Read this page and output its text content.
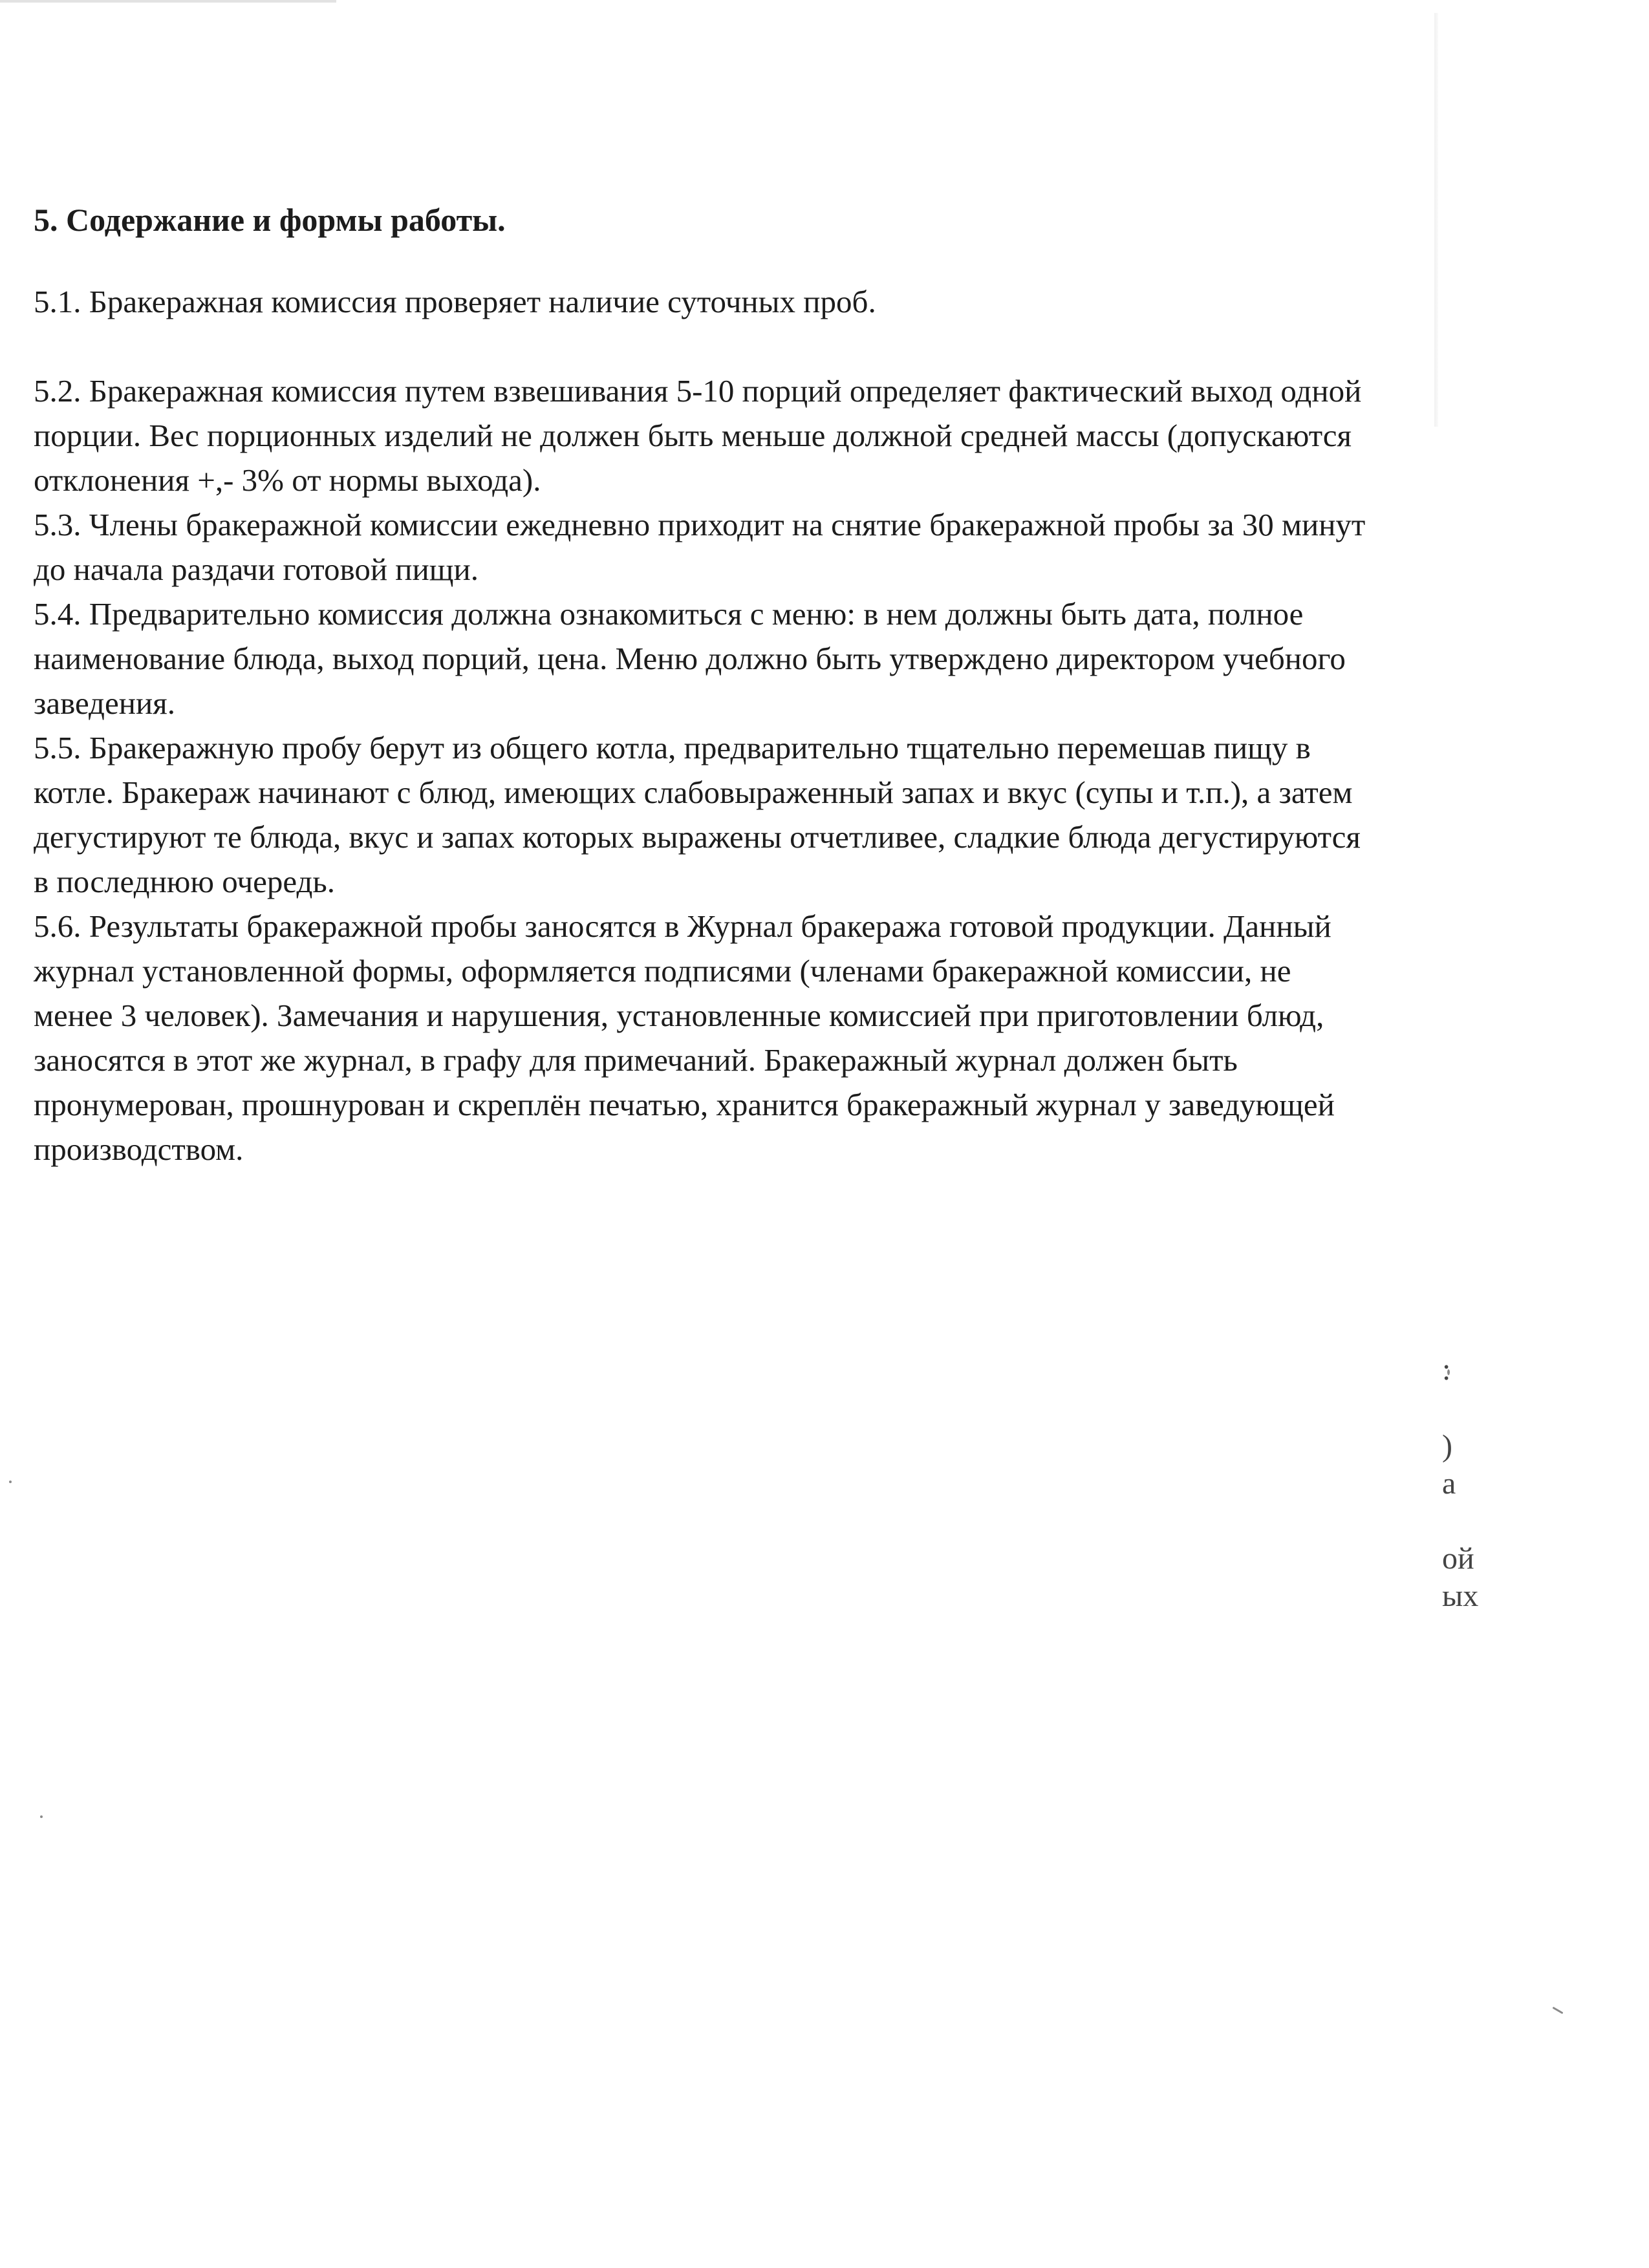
5. Содержание и формы работы.

5.1. Бракеражная комиссия проверяет наличие суточных проб.

5.2. Бракеражная комиссия путем взвешивания 5-10 порций определяет фактический выход одной порции. Вес порционных изделий не должен быть меньше должной средней массы (допускаются отклонения +,- 3% от нормы выхода).

5.3. Члены бракеражной комиссии ежедневно приходит на снятие бракеражной пробы за 30 минут до начала раздачи готовой пищи.

5.4. Предварительно комиссия должна ознакомиться с меню: в нем должны быть дата, полное наименование блюда, выход порций, цена. Меню должно быть утверждено директором учебного заведения.

5.5. Бракеражную пробу берут из общего котла, предварительно тщательно перемешав пищу в котле. Бракераж начинают с блюд, имеющих слабовыраженный запах и вкус (супы и т.п.), а затем дегустируют те блюда, вкус и запах которых выражены отчетливее, сладкие блюда дегустируются в последнюю очередь.

5.6. Результаты бракеражной пробы заносятся в Журнал бракеража готовой продукции. Данный журнал установленной формы, оформляется подписями (членами бракеражной комиссии, не менее 3 человек). Замечания и нарушения, установленные комиссией при приготовлении блюд, заносятся в этот же журнал, в графу для примечаний. Бракеражный журнал должен быть пронумерован, прошнурован и скреплён печатью, хранится бракеражный журнал у заведующей производством.

:
)
а
ой
ых
